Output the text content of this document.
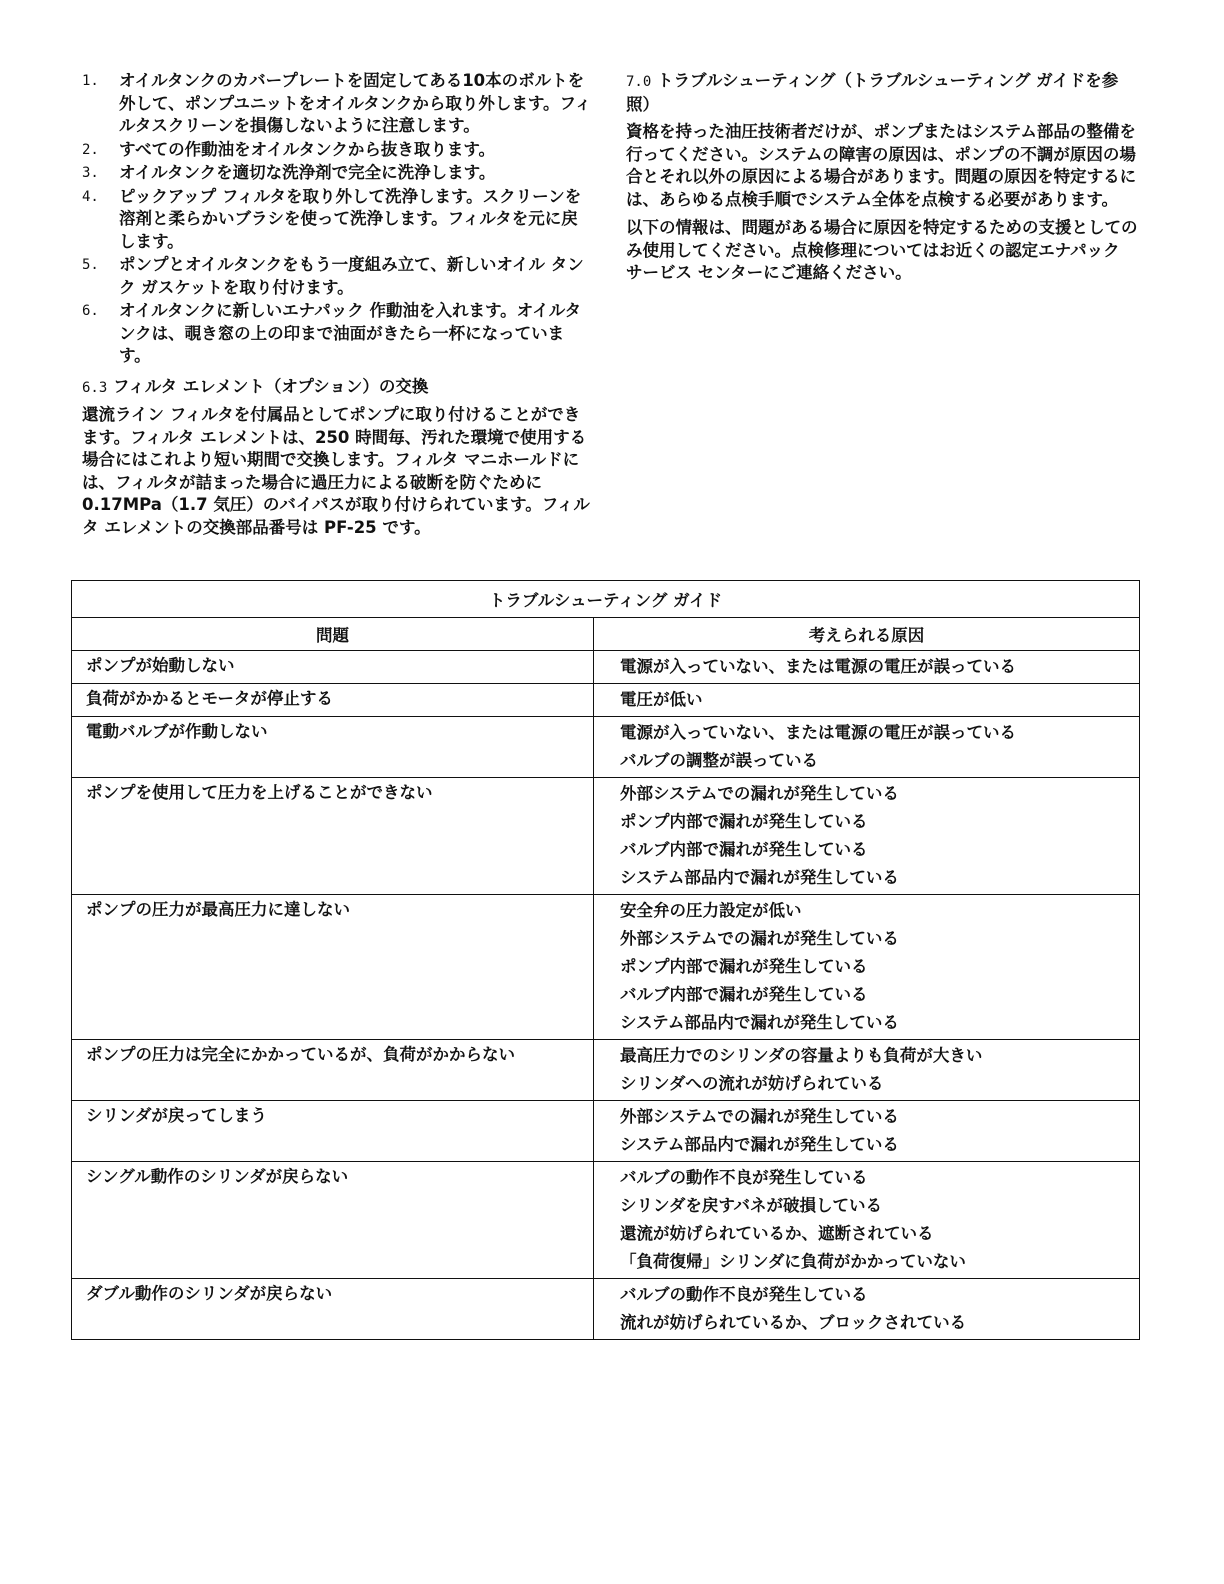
1. オイルタンクのカバープレートを固定してある10本のボルトを外して、ポンプユニットをオイルタンクから取り外します。フィルタスクリーンを損傷しないように注意します。
2. すべての作動油をオイルタンクから抜き取ります。
3. オイルタンクを適切な洗浄剤で完全に洗浄します。
4. ピックアップ フィルタを取り外して洗浄します。スクリーンを溶剤と柔らかいブラシを使って洗浄します。フィルタを元に戻します。
5. ポンプとオイルタンクをもう一度組み立て、新しいオイル タンク ガスケットを取り付けます。
6. オイルタンクに新しいエナパック 作動油を入れます。オイルタンクは、覗き窓の上の印まで油面がきたら一杯になっています。
6.3 フィルタ エレメント（オプション）の交換

還流ライン フィルタを付属品としてポンプに取り付けることができます。フィルタ エレメントは、250 時間毎、汚れた環境で使用する場合にはこれより短い期間で交換します。フィルタ マニホールドには、フィルタが詰まった場合に過圧力による破断を防ぐために 0.17MPa（1.7 気圧）のバイパスが取り付けられています。フィルタ エレメントの交換部品番号は PF-25 です。

7.0 トラブルシューティング（トラブルシューティング ガイドを参照）

資格を持った油圧技術者だけが、ポンプまたはシステム部品の整備を行ってください。システムの障害の原因は、ポンプの不調が原因の場合とそれ以外の原因による場合があります。問題の原因を特定するには、あらゆる点検手順でシステム全体を点検する必要があります。

以下の情報は、問題がある場合に原因を特定するための支援としてのみ使用してください。点検修理についてはお近くの認定エナパック サービス センターにご連絡ください。

トラブルシューティング ガイド	
問題	考えられる原因
ポンプが始動しない	電源が入っていない、または電源の電圧が誤っている

負荷がかかるとモータが停止する	電圧が低い

電動バルブが作動しない	電源が入っていない、または電源の電圧が誤っている
バルブの調整が誤っている

ポンプを使用して圧力を上げることができない	外部システムでの漏れが発生している
ポンプ内部で漏れが発生している
バルブ内部で漏れが発生している
システム部品内で漏れが発生している

ポンプの圧力が最高圧力に達しない	安全弁の圧力設定が低い
外部システムでの漏れが発生している
ポンプ内部で漏れが発生している
バルブ内部で漏れが発生している
システム部品内で漏れが発生している

ポンプの圧力は完全にかかっているが、負荷がかからない	最高圧力でのシリンダの容量よりも負荷が大きい
シリンダへの流れが妨げられている

シリンダが戻ってしまう	外部システムでの漏れが発生している
システム部品内で漏れが発生している

シングル動作のシリンダが戻らない	バルブの動作不良が発生している
シリンダを戻すバネが破損している
還流が妨げられているか、遮断されている
「負荷復帰」シリンダに負荷がかかっていない

ダブル動作のシリンダが戻らない	バルブの動作不良が発生している
流れが妨げられているか、ブロックされている
